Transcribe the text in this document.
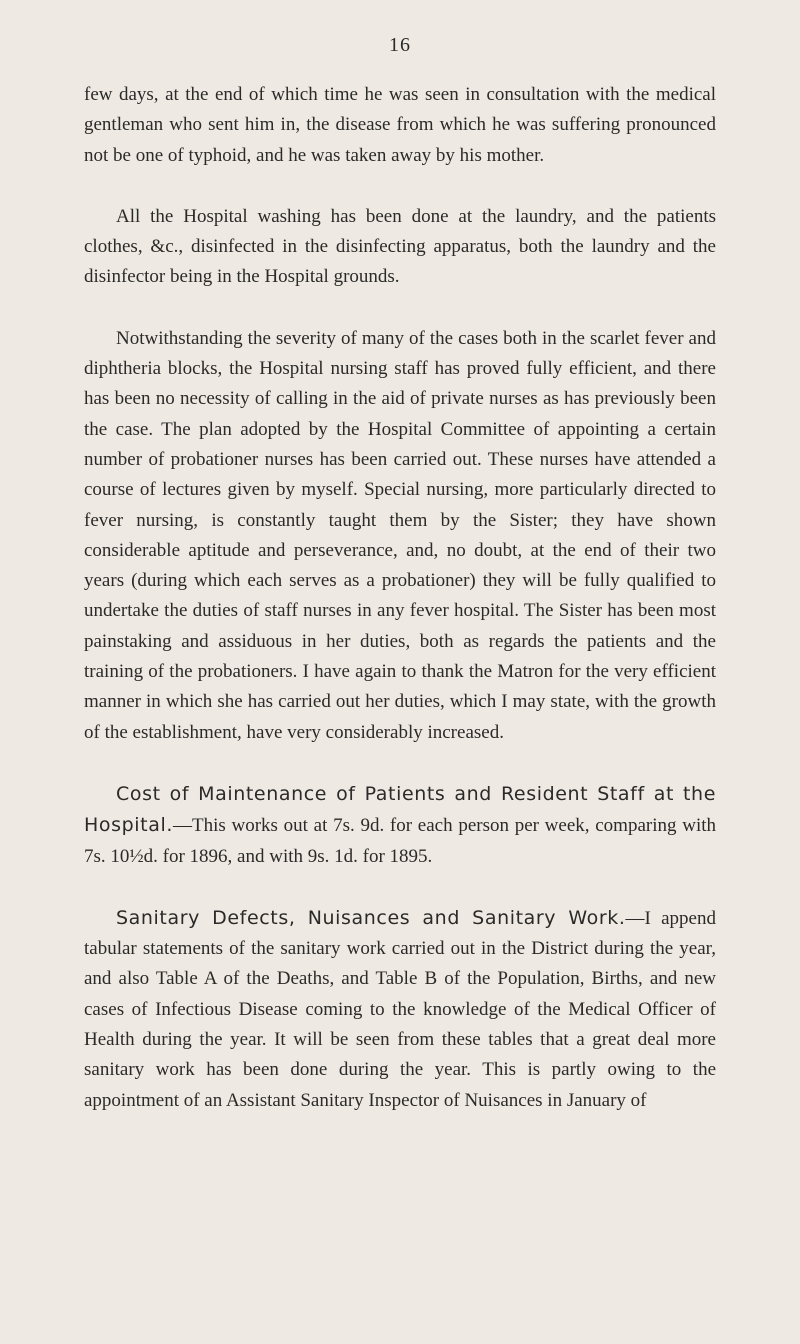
16

few days, at the end of which time he was seen in consultation with the medical gentleman who sent him in, the disease from which he was suffering pronounced not be one of typhoid, and he was taken away by his mother.

All the Hospital washing has been done at the laundry, and the patients clothes, &c., disinfected in the disinfecting apparatus, both the laundry and the disinfector being in the Hospital grounds.

Notwithstanding the severity of many of the cases both in the scarlet fever and diphtheria blocks, the Hospital nursing staff has proved fully efficient, and there has been no necessity of calling in the aid of private nurses as has previously been the case. The plan adopted by the Hospital Committee of appointing a certain number of probationer nurses has been carried out. These nurses have attended a course of lectures given by myself. Special nursing, more particularly directed to fever nursing, is constantly taught them by the Sister; they have shown considerable aptitude and perseverance, and, no doubt, at the end of their two years (during which each serves as a probationer) they will be fully qualified to undertake the duties of staff nurses in any fever hospital. The Sister has been most painstaking and assiduous in her duties, both as regards the patients and the training of the probationers. I have again to thank the Matron for the very efficient manner in which she has carried out her duties, which I may state, with the growth of the establishment, have very considerably increased.

Cost of Maintenance of Patients and Resident Staff at the Hospital.—This works out at 7s. 9d. for each person per week, comparing with 7s. 10½d. for 1896, and with 9s. 1d. for 1895.

Sanitary Defects, Nuisances and Sanitary Work.—I append tabular statements of the sanitary work carried out in the District during the year, and also Table A of the Deaths, and Table B of the Population, Births, and new cases of Infectious Disease coming to the knowledge of the Medical Officer of Health during the year. It will be seen from these tables that a great deal more sanitary work has been done during the year. This is partly owing to the appointment of an Assistant Sanitary Inspector of Nuisances in January of
